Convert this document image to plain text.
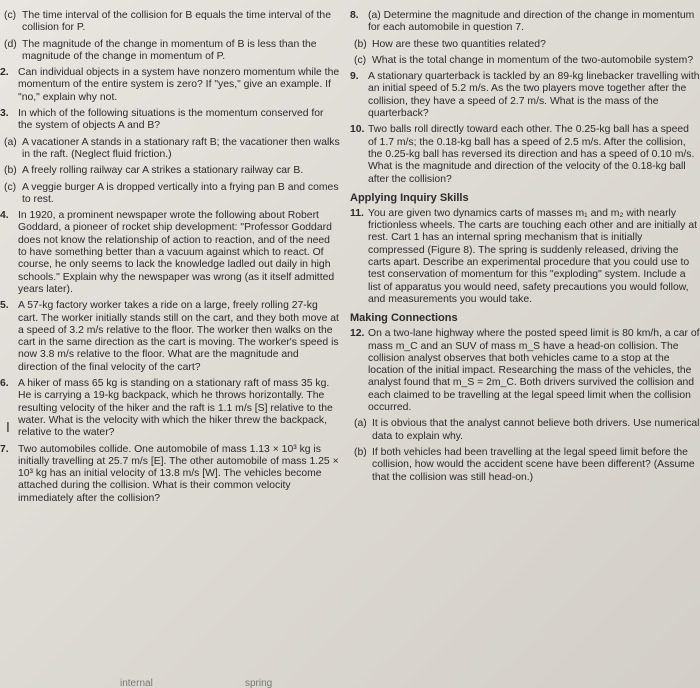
(c) The time interval of the collision for B equals the time interval of the collision for P.
(d) The magnitude of the change in momentum of B is less than the magnitude of the change in momentum of P.
2. Can individual objects in a system have nonzero momentum while the momentum of the entire system is zero? If "yes," give an example. If "no," explain why not.
3. In which of the following situations is the momentum conserved for the system of objects A and B?
(a) A vacationer A stands in a stationary raft B; the vacationer then walks in the raft. (Neglect fluid friction.)
(b) A freely rolling railway car A strikes a stationary railway car B.
(c) A veggie burger A is dropped vertically into a frying pan B and comes to rest.
4. In 1920, a prominent newspaper wrote the following about Robert Goddard, a pioneer of rocket ship development: "Professor Goddard does not know the relationship of action to reaction, and of the need to have something better than a vacuum against which to react. Of course, he only seems to lack the knowledge ladled out daily in high schools." Explain why the newspaper was wrong (as it itself admitted years later).
5. A 57-kg factory worker takes a ride on a large, freely rolling 27-kg cart. The worker initially stands still on the cart, and they both move at a speed of 3.2 m/s relative to the floor. The worker then walks on the cart in the same direction as the cart is moving. The worker's speed is now 3.8 m/s relative to the floor. What are the magnitude and direction of the final velocity of the cart?
6. A hiker of mass 65 kg is standing on a stationary raft of mass 35 kg. He is carrying a 19-kg backpack, which he throws horizontally. The resulting velocity of the hiker and the raft is 1.1 m/s [S] relative to the water. What is the velocity with which the hiker threw the backpack, relative to the water?
7. Two automobiles collide. One automobile of mass 1.13 × 10³ kg is initially travelling at 25.7 m/s [E]. The other automobile of mass 1.25 × 10³ kg has an initial velocity of 13.8 m/s [W]. The vehicles become attached during the collision. What is their common velocity immediately after the collision?
8. (a) Determine the magnitude and direction of the change in momentum for each automobile in question 7.
(b) How are these two quantities related?
(c) What is the total change in momentum of the two-automobile system?
9. A stationary quarterback is tackled by an 89-kg linebacker travelling with an initial speed of 5.2 m/s. As the two players move together after the collision, they have a speed of 2.7 m/s. What is the mass of the quarterback?
10. Two balls roll directly toward each other. The 0.25-kg ball has a speed of 1.7 m/s; the 0.18-kg ball has a speed of 2.5 m/s. After the collision, the 0.25-kg ball has reversed its direction and has a speed of 0.10 m/s. What is the magnitude and direction of the velocity of the 0.18-kg ball after the collision?
Applying Inquiry Skills
11. You are given two dynamics carts of masses m₁ and m₂ with nearly frictionless wheels. The carts are touching each other and are initially at rest. Cart 1 has an internal spring mechanism that is initially compressed (Figure 8). The spring is suddenly released, driving the carts apart. Describe an experimental procedure that you could use to test conservation of momentum for this "exploding" system. Include a list of apparatus you would need, safety precautions you would follow, and measurements you would take.
Making Connections
12. On a two-lane highway where the posted speed limit is 80 km/h, a car of mass m_C and an SUV of mass m_S have a head-on collision. The collision analyst observes that both vehicles came to a stop at the location of the initial impact. Researching the mass of the vehicles, the analyst found that m_S = 2m_C. Both drivers survived the collision and each claimed to be travelling at the legal speed limit when the collision occurred.
(a) It is obvious that the analyst cannot believe both drivers. Use numerical data to explain why.
(b) If both vehicles had been travelling at the legal speed limit before the collision, how would the accident scene have been different? (Assume that the collision was still head-on.)
Ι
internal	spring
